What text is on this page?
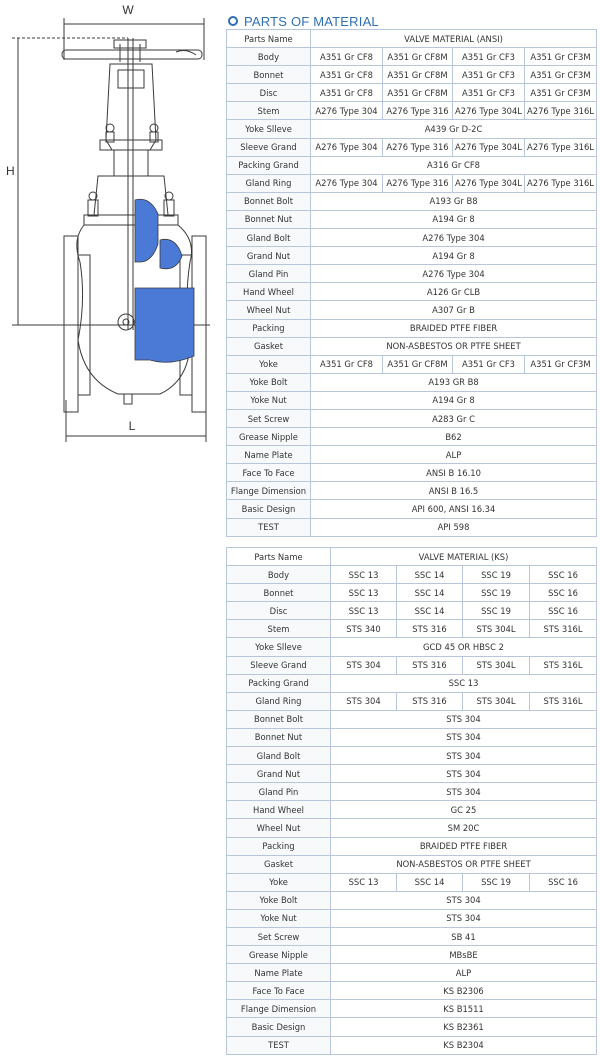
W
H
L
PARTS OF MATERIAL
Parts Name	VALVE MATERIAL (ANSI)			
Body	A351 Gr CF8	A351 Gr CF8M	A351 Gr CF3	A351 Gr CF3M
Bonnet	A351 Gr CF8	A351 Gr CF8M	A351 Gr CF3	A351 Gr CF3M
Disc	A351 Gr CF8	A351 Gr CF8M	A351 Gr CF3	A351 Gr CF3M
Stem	A276 Type 304	A276 Type 316	A276 Type 304L	A276 Type 316L
Yoke Slleve	A439 Gr D-2C			
Sleeve Grand	A276 Type 304	A276 Type 316	A276 Type 304L	A276 Type 316L
Packing Grand	A316 Gr CF8			
Gland Ring	A276 Type 304	A276 Type 316	A276 Type 304L	A276 Type 316L
Bonnet Bolt	A193 Gr B8			
Bonnet Nut	A194 Gr 8			
Gland Bolt	A276 Type 304			
Grand Nut	A194 Gr 8			
Gland Pin	A276 Type 304			
Hand Wheel	A126 Gr CLB			
Wheel Nut	A307 Gr B			
Packing	BRAIDED PTFE FIBER			
Gasket	NON-ASBESTOS OR PTFE SHEET			
Yoke	A351 Gr CF8	A351 Gr CF8M	A351 Gr CF3	A351 Gr CF3M
Yoke Bolt	A193 GR B8			
Yoke Nut	A194 Gr 8			
Set Screw	A283 Gr C			
Grease Nipple	B62			
Name Plate	ALP			
Face To Face	ANSI B 16.10			
Flange Dimension	ANSI B 16.5			
Basic Design	API 600, ANSI 16.34			
TEST	API 598			
Parts Name	VALVE MATERIAL (KS)			
Body	SSC 13	SSC 14	SSC 19	SSC 16
Bonnet	SSC 13	SSC 14	SSC 19	SSC 16
Disc	SSC 13	SSC 14	SSC 19	SSC 16
Stem	STS 340	STS 316	STS 304L	STS 316L
Yoke Slleve	GCD 45 OR HBSC 2			
Sleeve Grand	STS 304	STS 316	STS 304L	STS 316L
Packing Grand	SSC 13			
Gland Ring	STS 304	STS 316	STS 304L	STS 316L
Bonnet Bolt	STS 304			
Bonnet Nut	STS 304			
Gland Bolt	STS 304			
Grand Nut	STS 304			
Gland Pin	STS 304			
Hand Wheel	GC 25			
Wheel Nut	SM 20C			
Packing	BRAIDED PTFE FIBER			
Gasket	NON-ASBESTOS OR PTFE SHEET			
Yoke	SSC 13	SSC 14	SSC 19	SSC 16
Yoke Bolt	STS 304			
Yoke Nut	STS 304			
Set Screw	SB 41			
Grease Nipple	MBsBE			
Name Plate	ALP			
Face To Face	KS B2306			
Flange Dimension	KS B1511			
Basic Design	KS B2361			
TEST	KS B2304			
